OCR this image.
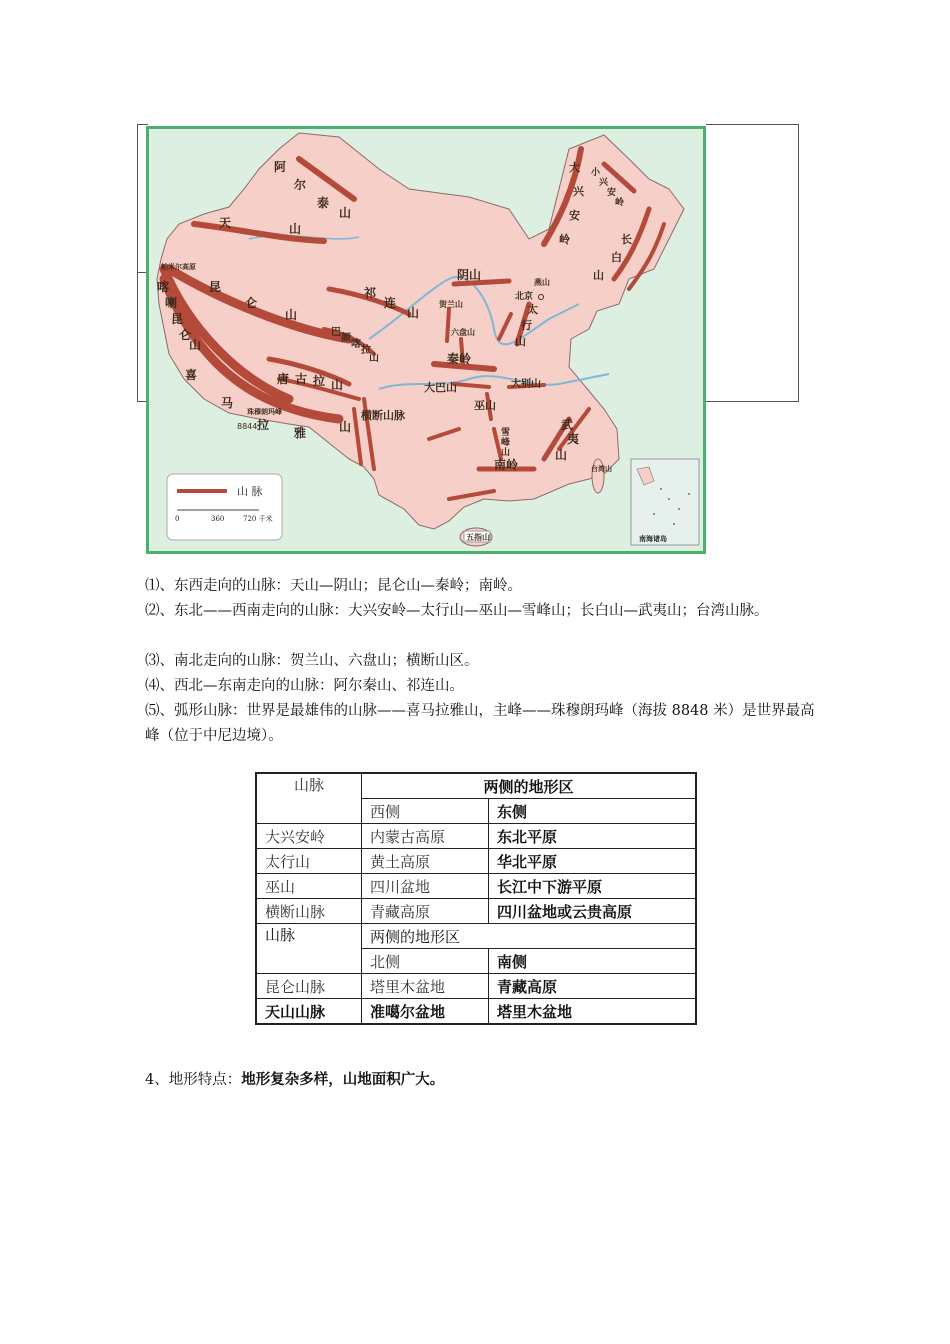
阿
尔
泰
山
天	山
帕米尔高原
喀
喇
昆
仑
山
昆
仑
山
祁
连
山
巴
颜
喀
拉
山
唐 古 拉 山
喜
马
拉
雅	山
珠穆朗玛峰
8844
横断山脉
阴山
贺兰山
六盘山
秦岭
大巴山
巫山
太
行
山
燕山
北京
大别山
雪
峰
山
南岭
武
夷
山
台湾山
五指山
大
兴
安
岭
小
兴
安
岭
长
白
山
山 脉
0	360	720 千米
南海诸岛

⑴、东西走向的山脉：天山—阴山；昆仑山—秦岭；南岭。

⑵、东北——西南走向的山脉：大兴安岭—太行山—巫山—雪峰山；长白山—武夷山；台湾山脉。

⑶、南北走向的山脉：贺兰山、六盘山；横断山区。

⑷、西北—东南走向的山脉：阿尔秦山、祁连山。

⑸、弧形山脉：世界是最雄伟的山脉——喜马拉雅山，主峰——珠穆朗玛峰（海拔 8848 米）是世界最高峰（位于中尼边境）。

山脉	两侧的地形区	
	西侧	东侧
大兴安岭	内蒙古高原	东北平原
太行山	黄土高原	华北平原
巫山	四川盆地	长江中下游平原
横断山脉	青藏高原	四川盆地或云贵高原
山脉	两侧的地形区	
	北侧	南侧
昆仑山脉	塔里木盆地	青藏高原
天山山脉	准噶尔盆地	塔里木盆地
4、地形特点：地形复杂多样，山地面积广大。
